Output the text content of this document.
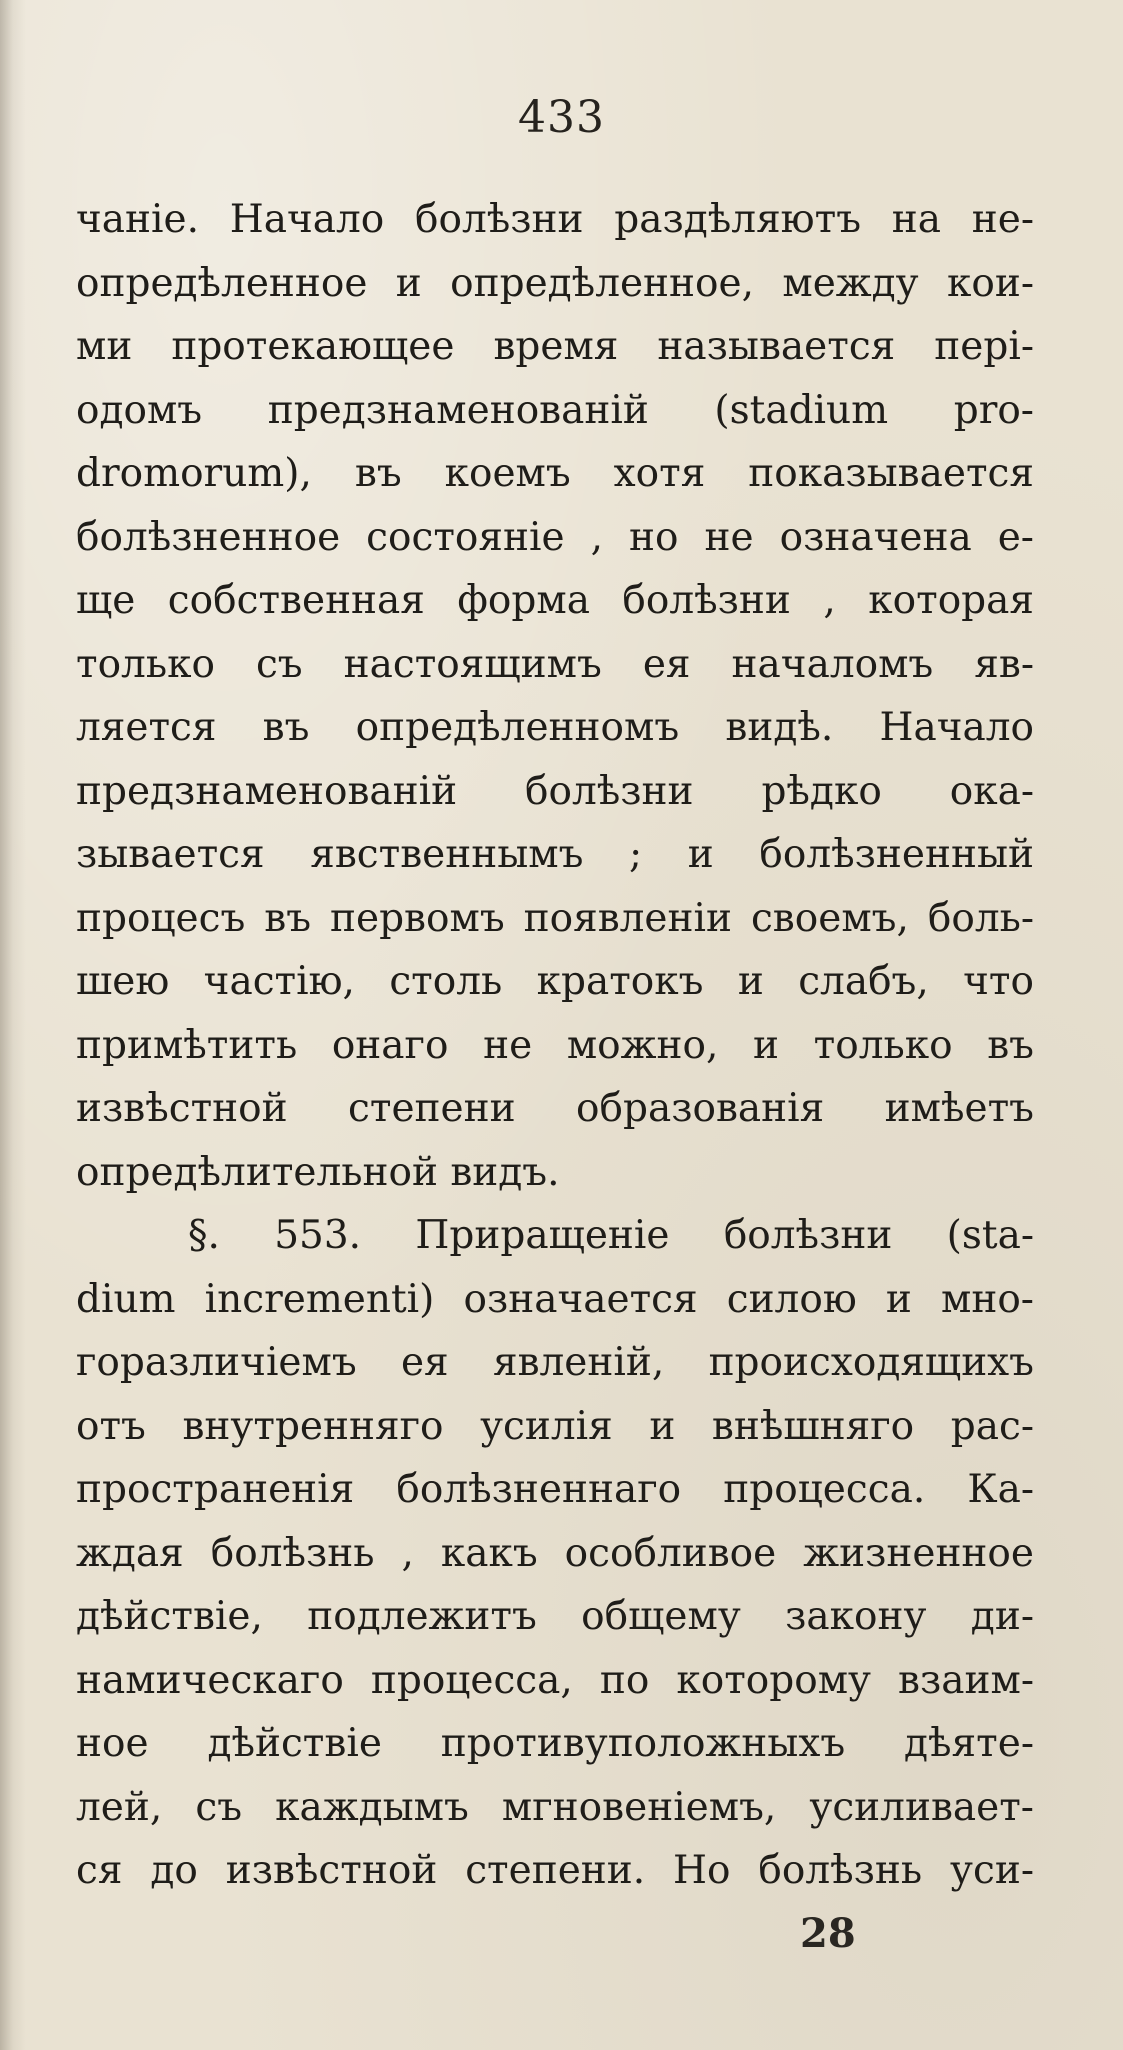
433
чаніе. Начало болѣзни раздѣляютъ на не-
опредѣленное и опредѣленное, между кои-
ми протекающее время называется пері-
одомъ предзнаменованій (stadium pro-
dromorum), въ коемъ хотя показывается
болѣзненное состояніе , но не означена е-
ще собственная форма болѣзни , которая
только съ настоящимъ ея началомъ яв-
ляется въ опредѣленномъ видѣ. Начало
предзнаменованій болѣзни рѣдко ока-
зывается явственнымъ ; и болѣзненный
процесъ въ первомъ появленіи своемъ, боль-
шею частію, столь кратокъ и слабъ, что
примѣтить онаго не можно, и только въ
извѣстной степени образованія имѣетъ
опредѣлительной видъ.
§. 553. Приращеніе болѣзни (sta-
dium incrementi) означается силою и мно-
горазличіемъ ея явленій, происходящихъ
отъ внутренняго усилія и внѣшняго рас-
пространенія болѣзненнаго процесса. Ка-
ждая болѣзнь , какъ особливое жизненное
дѣйствіе, подлежитъ общему закону ди-
намическаго процесса, по которому взаим-
ное дѣйствіе противуположныхъ дѣяте-
лей, съ каждымъ мгновеніемъ, усиливает-
ся до извѣстной степени. Но болѣзнь уси-
28
